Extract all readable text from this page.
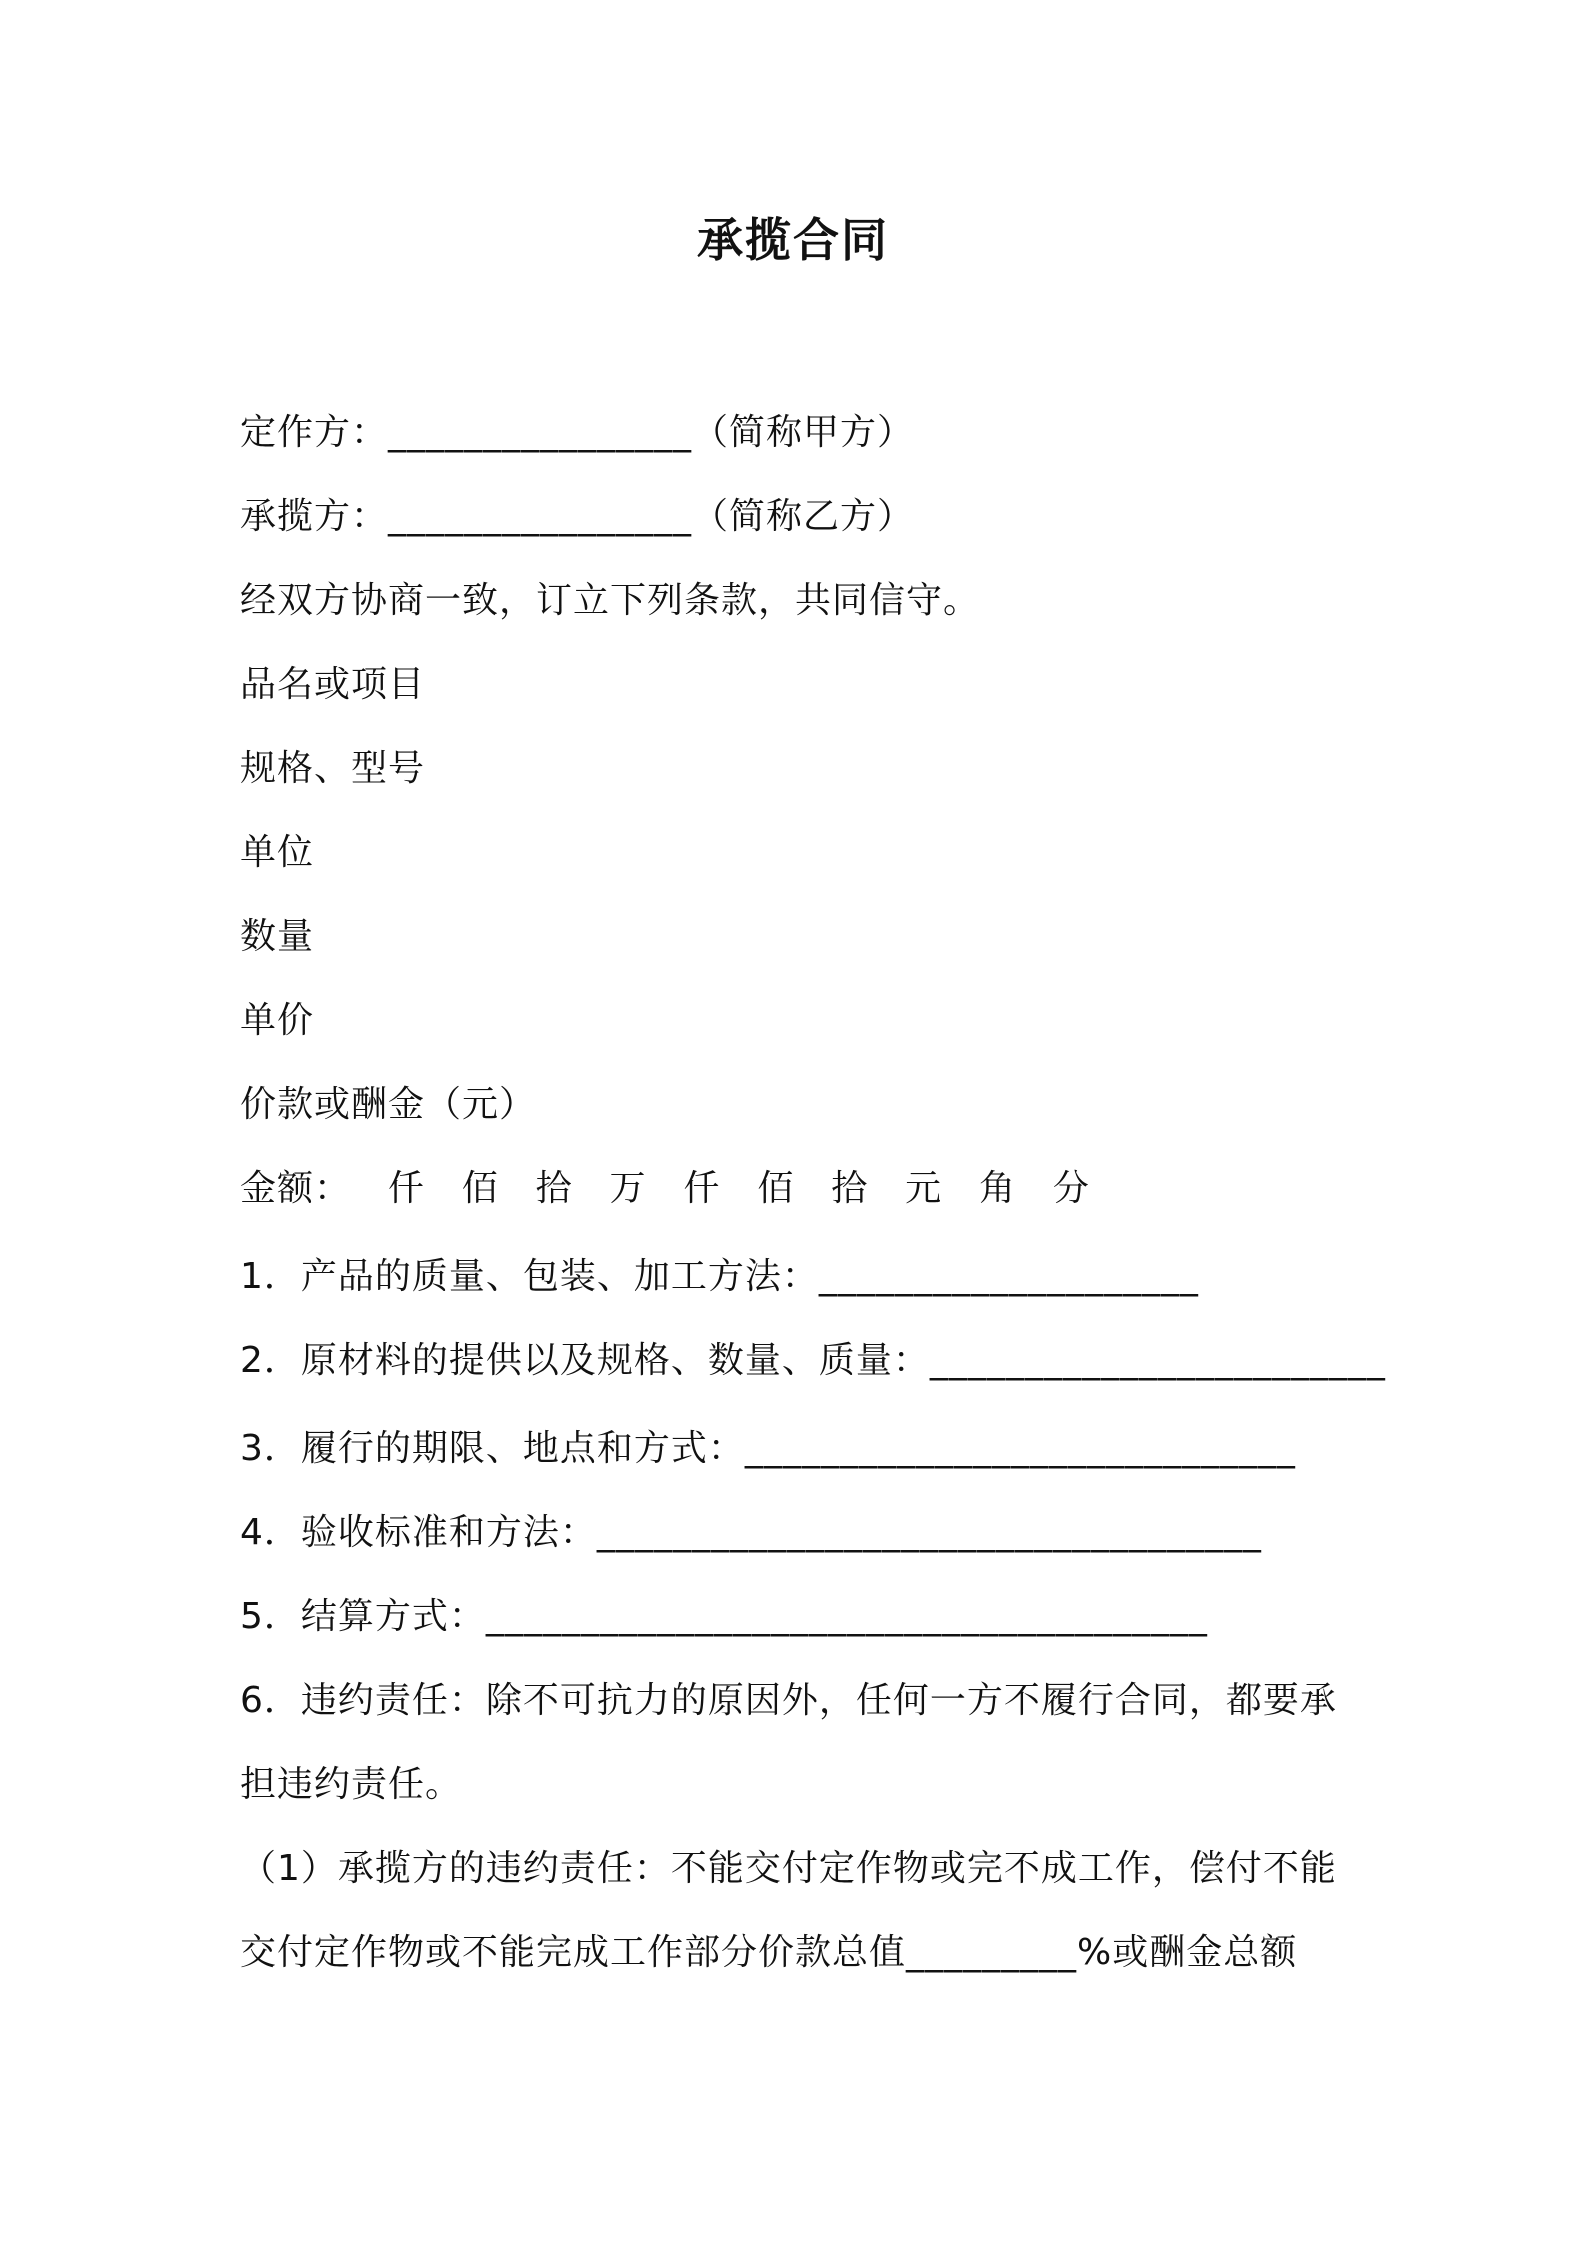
承揽合同
定作方：________________（简称甲方）
承揽方：________________（简称乙方）
经双方协商一致，订立下列条款，共同信守。
品名或项目
规格、型号
单位
数量
单价
价款或酬金（元）
金额：  仟  佰  拾  万  仟  佰  拾  元  角  分
1．产品的质量、包装、加工方法：____________________
2．原材料的提供以及规格、数量、质量：________________________
3．履行的期限、地点和方式：_____________________________
4．验收标准和方法：___________________________________
5．结算方式：______________________________________
6．违约责任：除不可抗力的原因外，任何一方不履行合同，都要承
担违约责任。
（1）承揽方的违约责任：不能交付定作物或完不成工作，偿付不能
交付定作物或不能完成工作部分价款总值_________%或酬金总额
